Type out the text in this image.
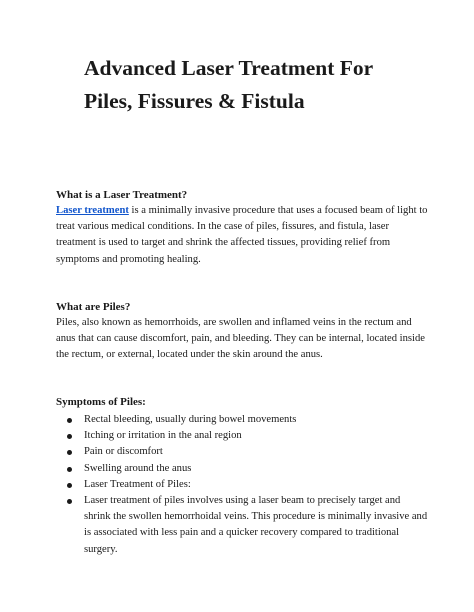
Advanced Laser Treatment For
Piles, Fissures & Fistula
What is a Laser Treatment?

Laser treatment is a minimally invasive procedure that uses a focused beam of light to treat various medical conditions. In the case of piles, fissures, and fistula, laser treatment is used to target and shrink the affected tissues, providing relief from symptoms and promoting healing.

What are Piles?

Piles, also known as hemorrhoids, are swollen and inflamed veins in the rectum and anus that can cause discomfort, pain, and bleeding. They can be internal, located inside the rectum, or external, located under the skin around the anus.

Symptoms of Piles:
Rectal bleeding, usually during bowel movements
Itching or irritation in the anal region
Pain or discomfort
Swelling around the anus
Laser Treatment of Piles:
Laser treatment of piles involves using a laser beam to precisely target and shrink the swollen hemorrhoidal veins. This procedure is minimally invasive and is associated with less pain and a quicker recovery compared to traditional surgery.
